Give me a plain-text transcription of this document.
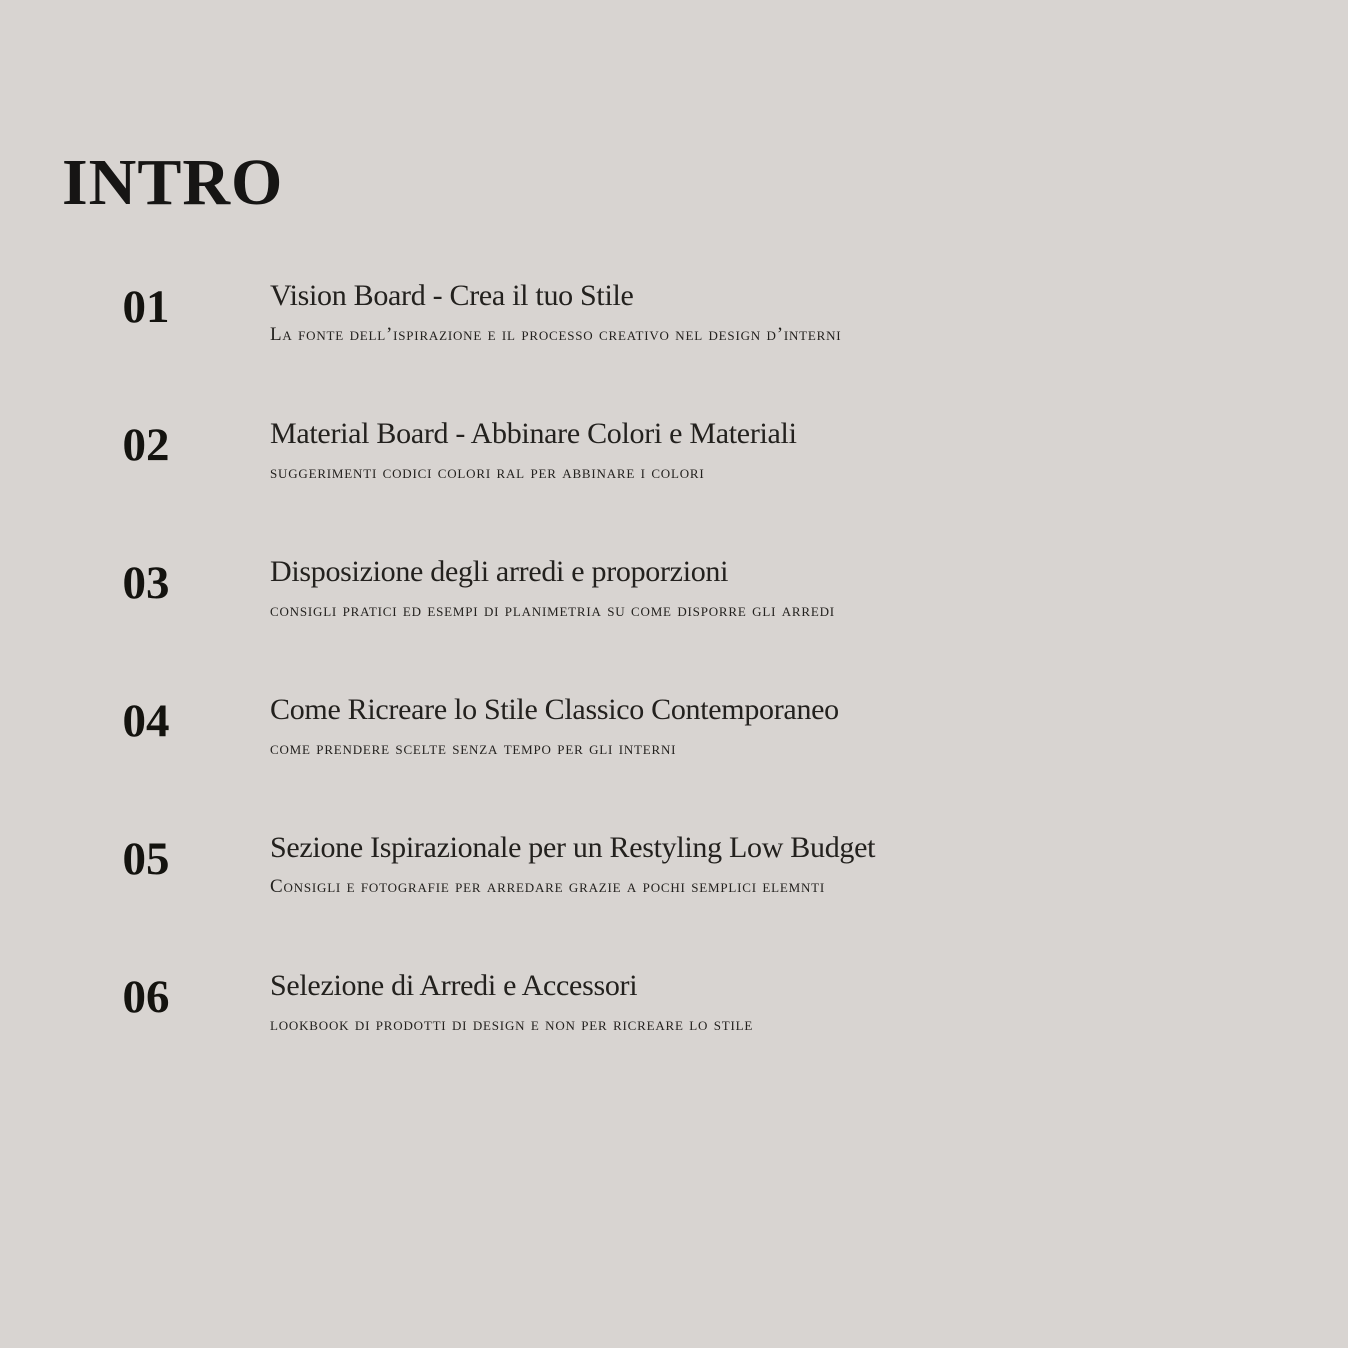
INTRO
01	Vision Board - Crea il tuo Stile
La fonte dell’ispirazione e il processo creativo nel design d’interni
02	Material Board - Abbinare Colori e Materiali
suggerimenti codici colori ral per abbinare i colori
03	Disposizione degli arredi e proporzioni
consigli pratici ed esempi di planimetria su come disporre gli arredi
04	Come Ricreare lo Stile Classico Contemporaneo
come prendere scelte senza tempo per gli interni
05	Sezione Ispirazionale per un Restyling Low Budget
Consigli e fotografie per arredare grazie a pochi semplici elemnti
06	Selezione di Arredi e Accessori
lookbook di prodotti di design e non per ricreare lo stile
